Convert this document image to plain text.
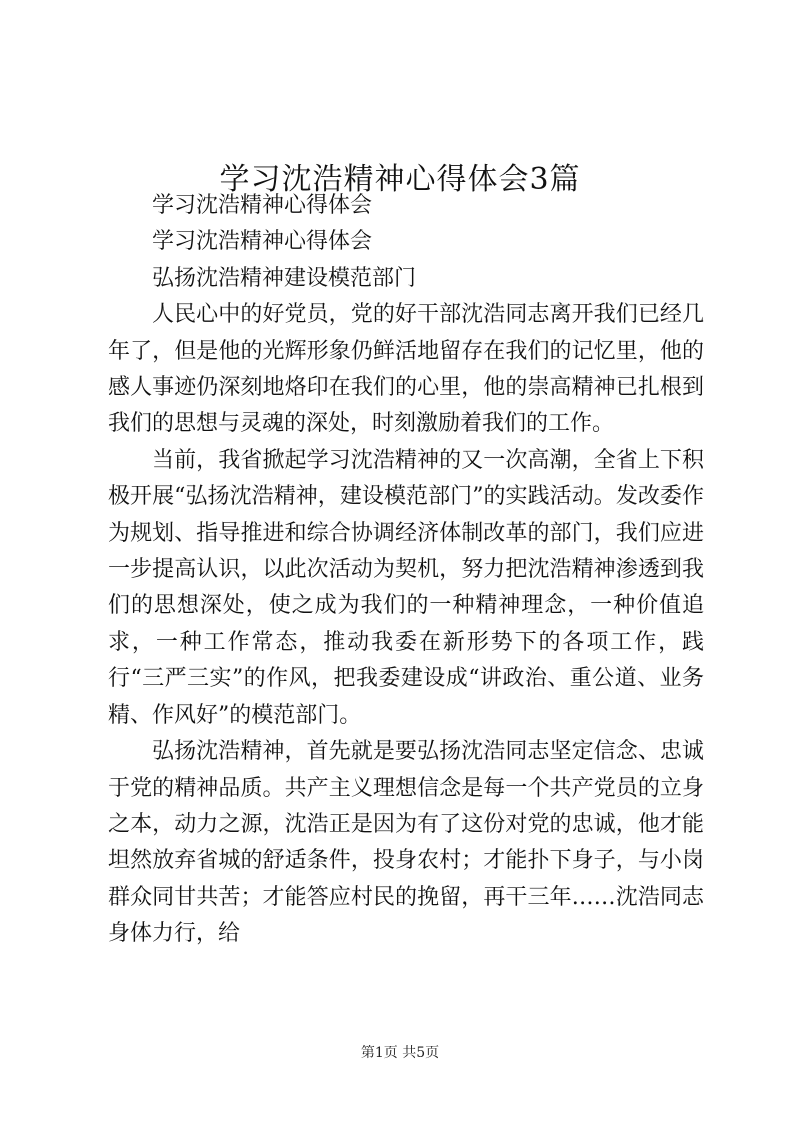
学习沈浩精神心得体会3篇

学习沈浩精神心得体会

学习沈浩精神心得体会

弘扬沈浩精神建设模范部门

人民心中的好党员，党的好干部沈浩同志离开我们已经几年了，但是他的光辉形象仍鲜活地留存在我们的记忆里，他的感人事迹仍深刻地烙印在我们的心里，他的崇高精神已扎根到我们的思想与灵魂的深处，时刻激励着我们的工作。

当前，我省掀起学习沈浩精神的又一次高潮，全省上下积极开展“弘扬沈浩精神，建设模范部门”的实践活动。发改委作为规划、指导推进和综合协调经济体制改革的部门，我们应进一步提高认识，以此次活动为契机，努力把沈浩精神渗透到我们的思想深处，使之成为我们的一种精神理念，一种价值追求，一种工作常态，推动我委在新形势下的各项工作，践行“三严三实”的作风，把我委建设成“讲政治、重公道、业务精、作风好”的模范部门。

弘扬沈浩精神，首先就是要弘扬沈浩同志坚定信念、忠诚于党的精神品质。共产主义理想信念是每一个共产党员的立身之本，动力之源，沈浩正是因为有了这份对党的忠诚，他才能坦然放弃省城的舒适条件，投身农村；才能扑下身子，与小岗群众同甘共苦；才能答应村民的挽留，再干三年……沈浩同志身体力行，给

第1页 共5页
